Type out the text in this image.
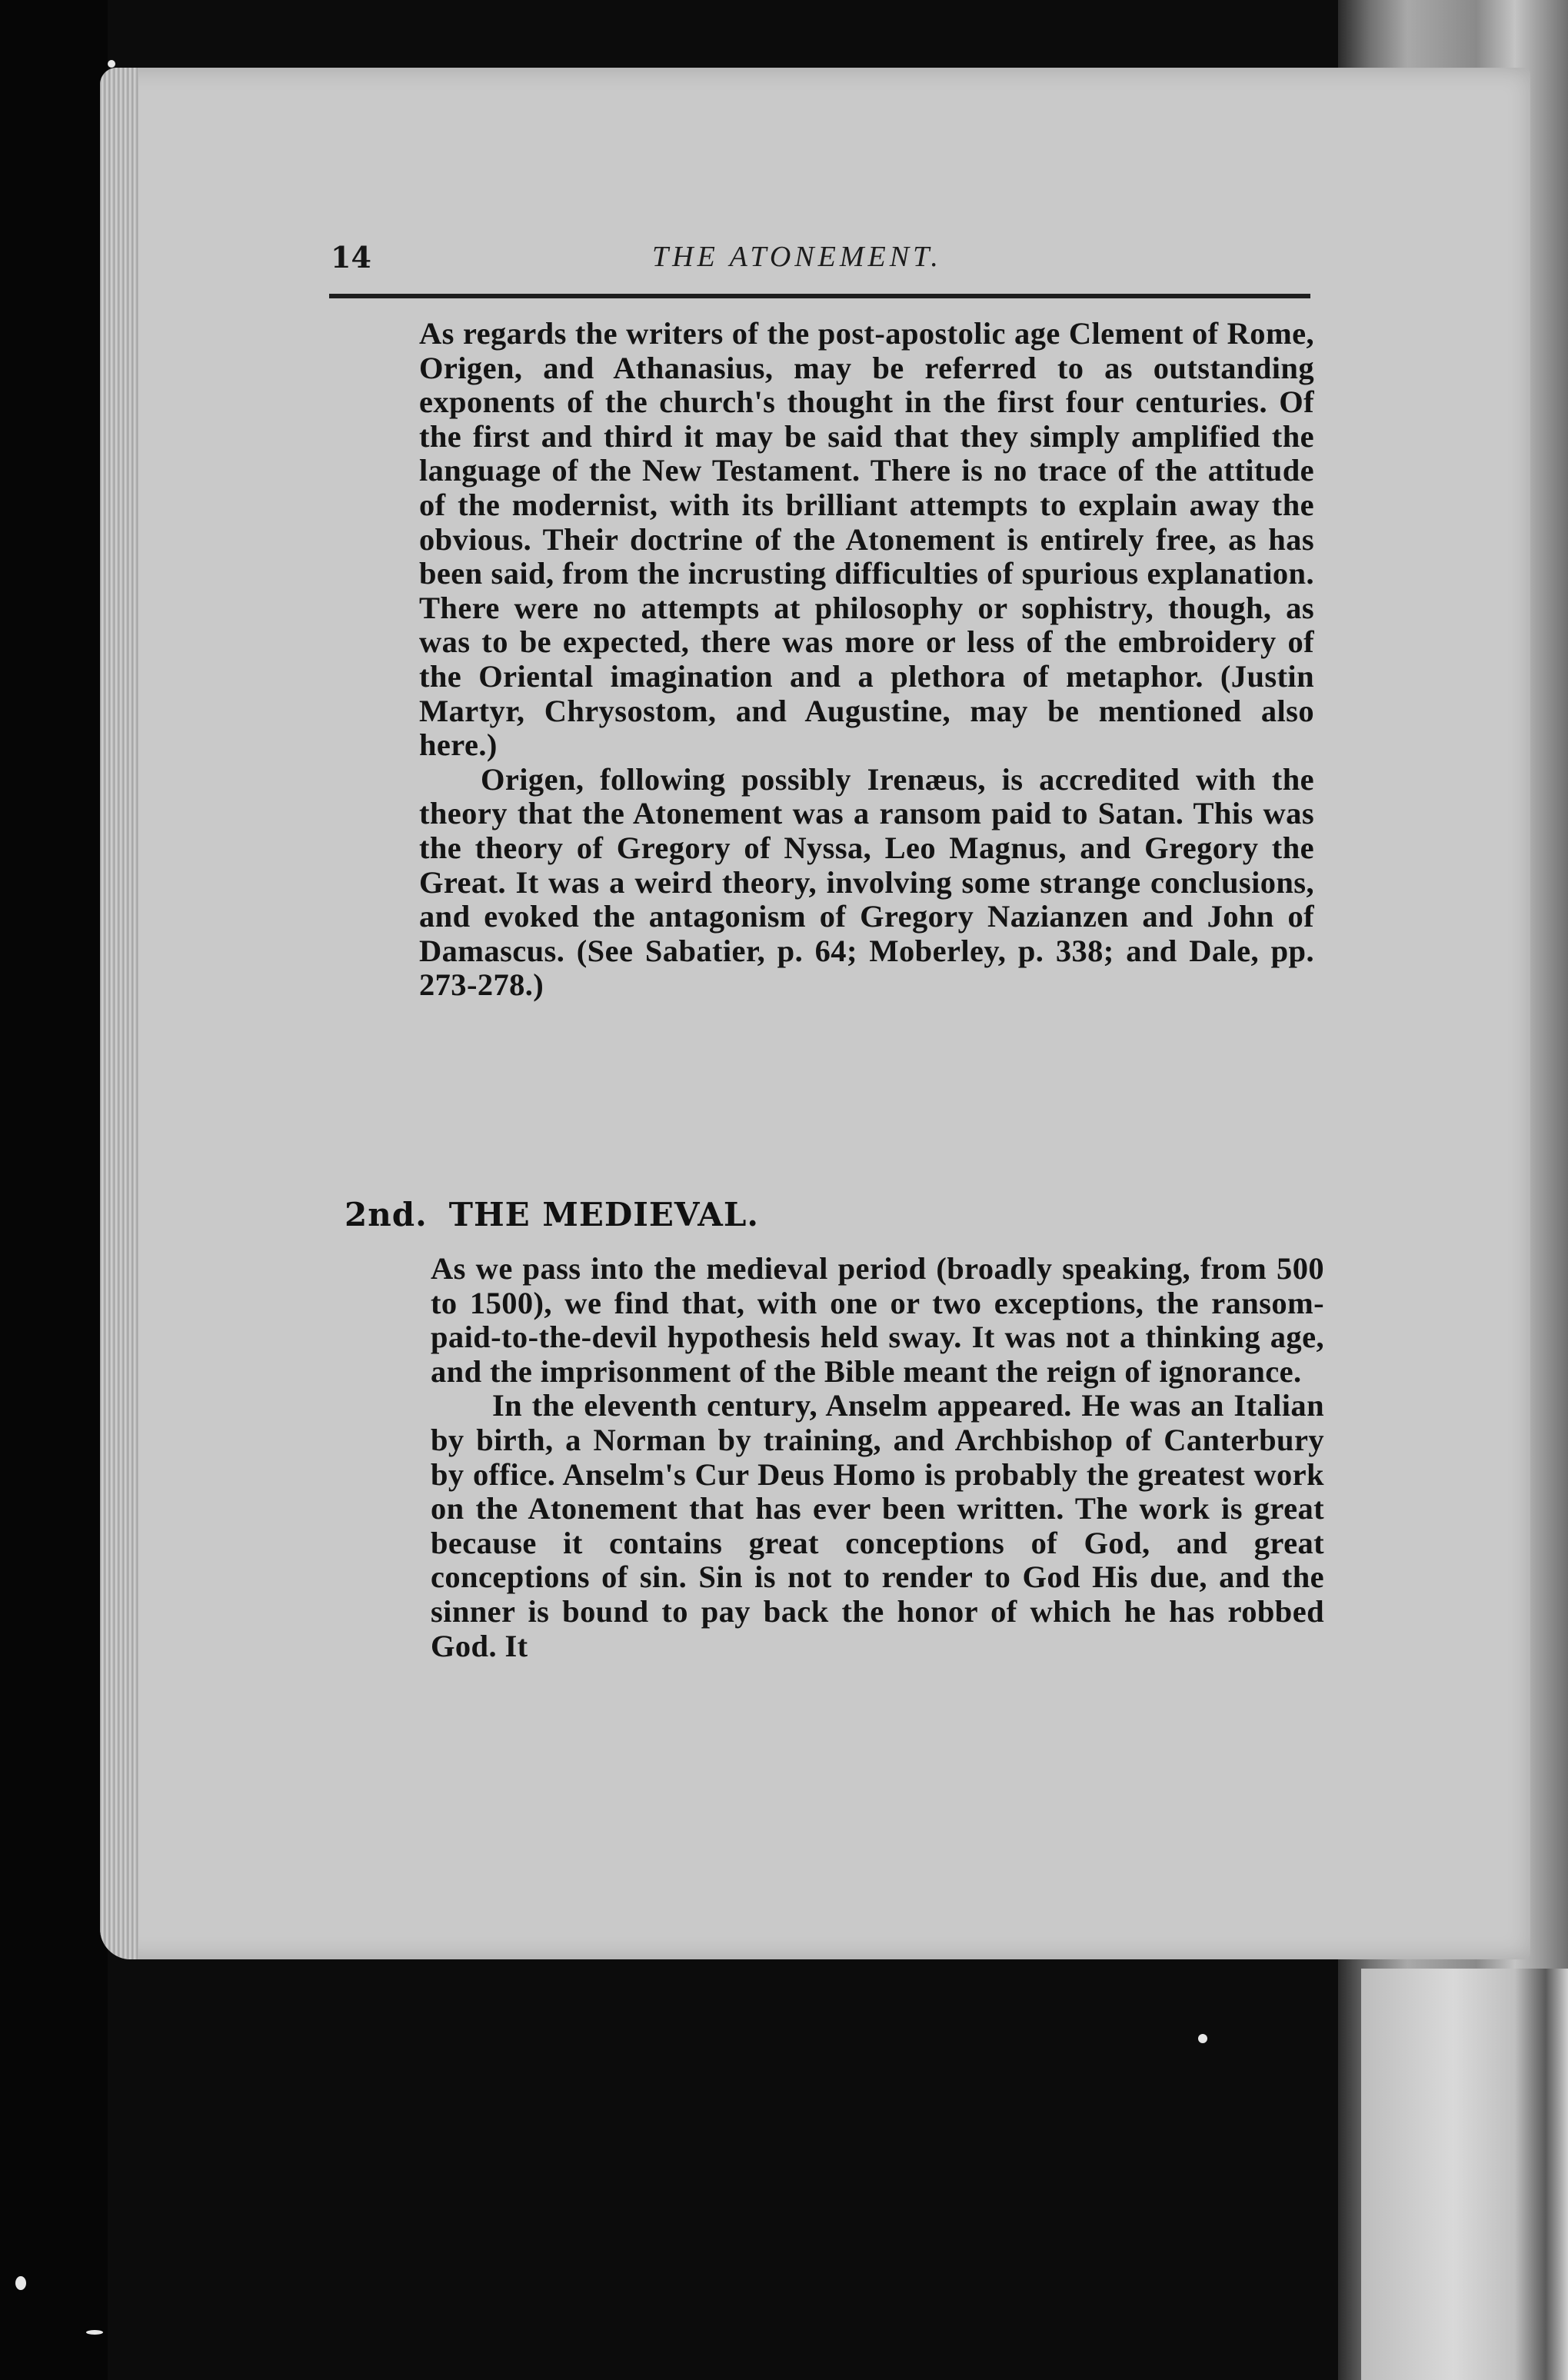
14	THE ATONEMENT.

As regards the writers of the post-apostolic age Clement of Rome, Origen, and Athanasius, may be referred to as outstanding exponents of the church's thought in the first four centuries. Of the first and third it may be said that they simply amplified the language of the New Testament. There is no trace of the attitude of the modernist, with its brilliant attempts to explain away the obvious. Their doctrine of the Atonement is entirely free, as has been said, from the incrusting difficulties of spurious explanation. There were no attempts at philosophy or sophistry, though, as was to be expected, there was more or less of the embroidery of the Oriental imagination and a plethora of metaphor. (Justin Martyr, Chrysostom, and Augustine, may be mentioned also here.)

Origen, following possibly Irenæus, is accredited with the theory that the Atonement was a ransom paid to Satan. This was the theory of Gregory of Nyssa, Leo Magnus, and Gregory the Great. It was a weird theory, involving some strange conclusions, and evoked the antagonism of Gregory Nazianzen and John of Damascus. (See Sabatier, p. 64; Moberley, p. 338; and Dale, pp. 273-278.)

2nd. THE MEDIEVAL.

As we pass into the medieval period (broadly speaking, from 500 to 1500), we find that, with one or two exceptions, the ransom-paid-to-the-devil hypothesis held sway. It was not a thinking age, and the imprisonment of the Bible meant the reign of ignorance.

In the eleventh century, Anselm appeared. He was an Italian by birth, a Norman by training, and Archbishop of Canterbury by office. Anselm's Cur Deus Homo is probably the greatest work on the Atonement that has ever been written. The work is great because it contains great conceptions of God, and great conceptions of sin. Sin is not to render to God His due, and the sinner is bound to pay back the honor of which he has robbed God. It
